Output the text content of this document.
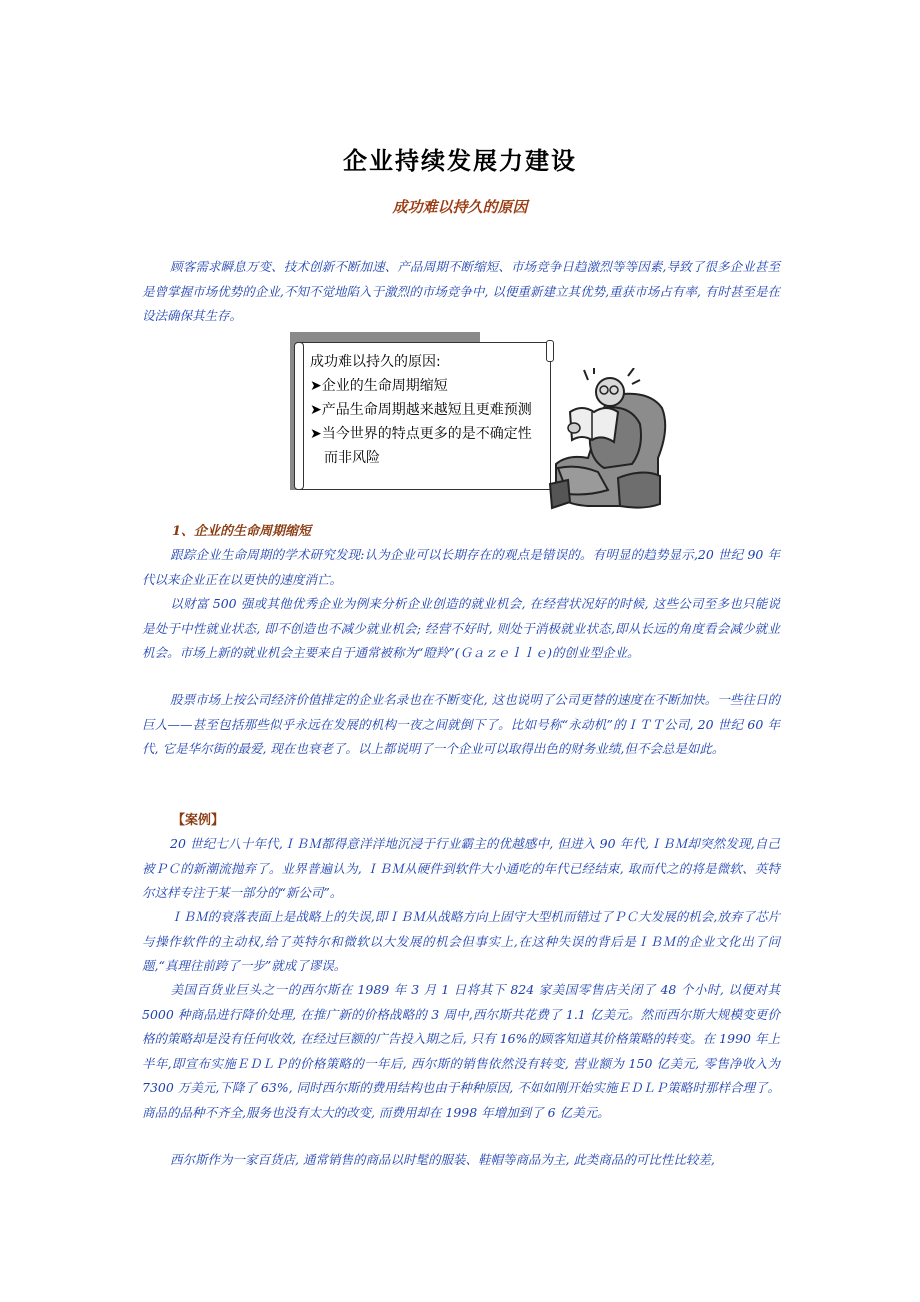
企业持续发展力建设
成功难以持久的原因

顾客需求瞬息万变、技术创新不断加速、产品周期不断缩短、市场竞争日趋激烈等等因素,导致了很多企业甚至是曾掌握市场优势的企业,不知不觉地陷入于激烈的市场竞争中, 以便重新建立其优势,重获市场占有率, 有时甚至是在设法确保其生存。

成功难以持久的原因:
➤企业的生命周期缩短
➤产品生命周期越来越短且更难预测
➤当今世界的特点更多的是不确定性
　而非风险
1、企业的生命周期缩短

跟踪企业生命周期的学术研究发现:认为企业可以长期存在的观点是错误的。有明显的趋势显示,20 世纪 90 年代以来企业正在以更快的速度消亡。

以财富 500 强或其他优秀企业为例来分析企业创造的就业机会, 在经营状况好的时候, 这些公司至多也只能说是处于中性就业状态, 即不创造也不减少就业机会; 经营不好时, 则处于消极就业状态,即从长远的角度看会减少就业机会。市场上新的就业机会主要来自于通常被称为“瞪羚”(Ｇａｚｅｌｌｅ)的创业型企业。

股票市场上按公司经济价值排定的企业名录也在不断变化, 这也说明了公司更替的速度在不断加快。一些往日的巨人——甚至包括那些似乎永远在发展的机构一夜之间就倒下了。比如号称“永动机”的ＩＴＴ公司, 20 世纪 60 年代, 它是华尔街的最爱, 现在也衰老了。以上都说明了一个企业可以取得出色的财务业绩,但不会总是如此。

【案例】

20 世纪七八十年代,ＩＢＭ都得意洋洋地沉浸于行业霸主的优越感中, 但进入 90 年代,ＩＢＭ却突然发现,自己被ＰＣ的新潮流抛弃了。业界普遍认为, ＩＢＭ从硬件到软件大小通吃的年代已经结束, 取而代之的将是微软、英特尔这样专注于某一部分的“新公司”。

ＩＢＭ的衰落表面上是战略上的失误,即ＩＢＭ从战略方向上固守大型机而错过了ＰＣ大发展的机会,放弃了芯片与操作软件的主动权,给了英特尔和微软以大发展的机会但事实上,在这种失误的背后是ＩＢＭ的企业文化出了问题,“真理往前跨了一步”就成了谬误。

美国百货业巨头之一的西尔斯在 1989 年 3 月 1 日将其下 824 家美国零售店关闭了 48 个小时, 以便对其 5000 种商品进行降价处理, 在推广新的价格战略的 3 周中,西尔斯共花费了 1.1 亿美元。然而西尔斯大规模变更价格的策略却是没有任何收效, 在经过巨额的广告投入期之后, 只有 16%的顾客知道其价格策略的转变。在 1990 年上半年,即宣布实施ＥＤＬＰ的价格策略的一年后, 西尔斯的销售依然没有转变, 营业额为 150 亿美元, 零售净收入为 7300 万美元,下降了 63%, 同时西尔斯的费用结构也由于种种原因, 不如如刚开始实施ＥＤＬＰ策略时那样合理了。商品的品种不齐全,服务也没有太大的改变, 而费用却在 1998 年增加到了 6 亿美元。

西尔斯作为一家百货店, 通常销售的商品以时髦的服装、鞋帽等商品为主, 此类商品的可比性比较差,
